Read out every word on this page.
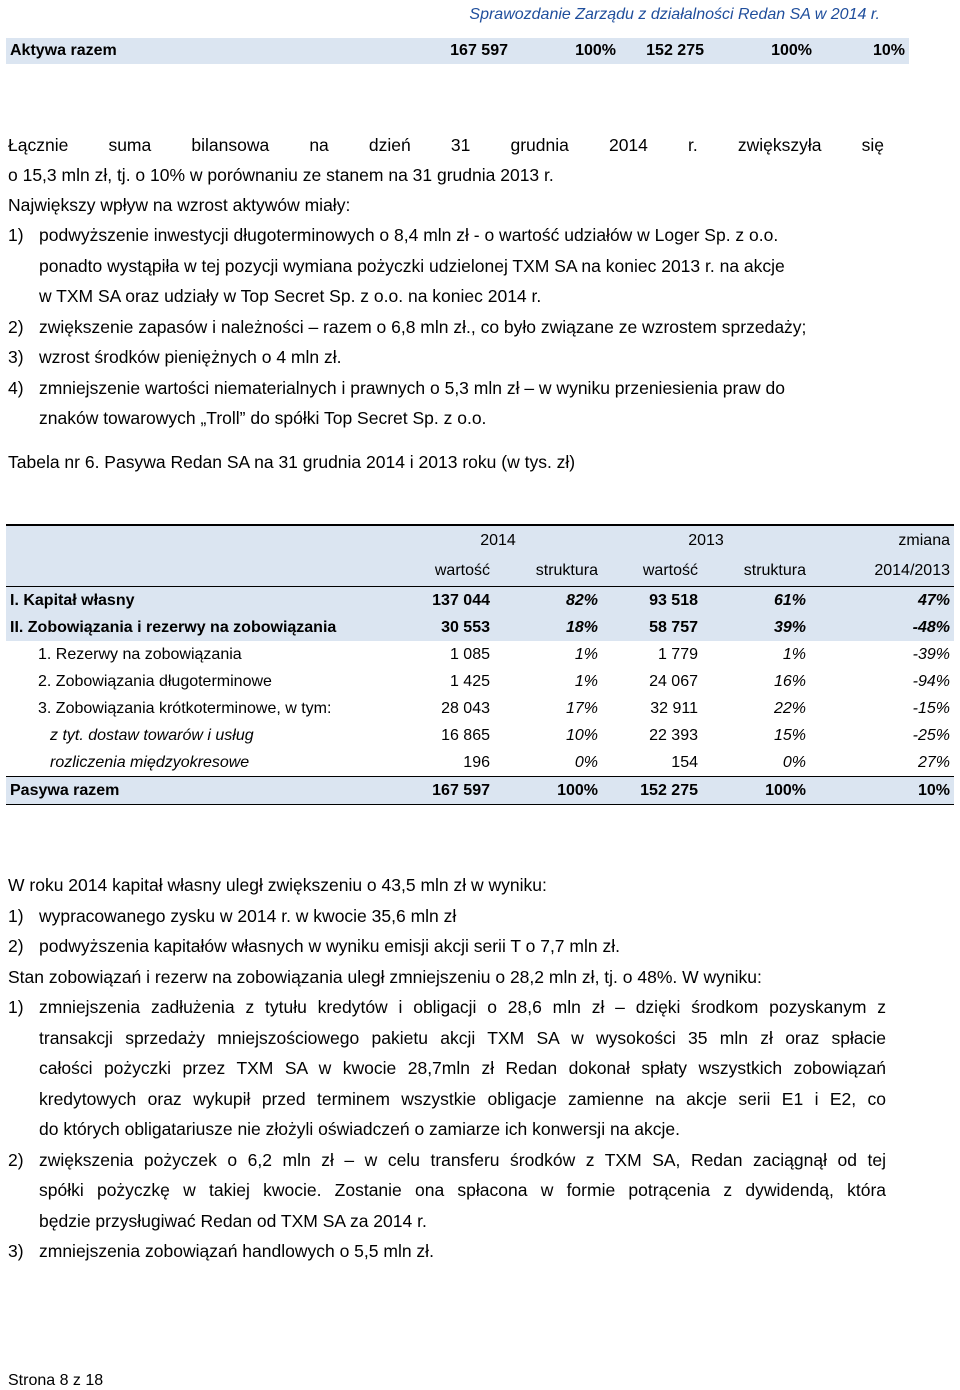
Sprawozdanie Zarządu z działalności Redan SA w 2014 r.
Aktywa razem	167 597	100%	152 275	100%	10%
Łącznie suma bilansowa na dzień 31 grudnia 2014 r. zwiększyła się
o 15,3 mln zł, tj. o 10% w porównaniu ze stanem na 31 grudnia 2013 r.
Największy wpływ na wzrost aktywów miały:
1) podwyższenie inwestycji długoterminowych o 8,4 mln zł - o wartość udziałów w Loger Sp. z o.o.
ponadto wystąpiła w tej pozycji wymiana pożyczki udzielonej TXM SA na koniec 2013 r. na akcje
w TXM SA oraz udziały w Top Secret Sp. z o.o. na koniec 2014 r.
2) zwiększenie zapasów i należności – razem o 6,8 mln zł., co było związane ze wzrostem sprzedaży;
3) wzrost środków pieniężnych o 4 mln zł.
4) zmniejszenie wartości niematerialnych i prawnych o 5,3 mln zł – w wyniku przeniesienia praw do
znaków towarowych „Troll” do spółki Top Secret Sp. z o.o.
Tabela nr 6. Pasywa Redan SA na 31 grudnia 2014 i 2013 roku (w tys. zł)
	2014		2013		zmiana
	wartość	struktura	wartość	struktura	2014/2013
I. Kapitał własny	137 044	82%	93 518	61%	47%
II. Zobowiązania i rezerwy na zobowiązania	30 553	18%	58 757	39%	-48%
1. Rezerwy na zobowiązania	1 085	1%	1 779	1%	-39%
2. Zobowiązania długoterminowe	1 425	1%	24 067	16%	-94%
3. Zobowiązania krótkoterminowe, w tym:	28 043	17%	32 911	22%	-15%
z tyt. dostaw towarów i usług	16 865	10%	22 393	15%	-25%
rozliczenia międzyokresowe	196	0%	154	0%	27%
Pasywa razem	167 597	100%	152 275	100%	10%
W roku 2014 kapitał własny uległ zwiększeniu o 43,5 mln zł w wyniku:
1) wypracowanego zysku w 2014 r. w kwocie 35,6 mln zł
2) podwyższenia kapitałów własnych w wyniku emisji akcji serii T o 7,7 mln zł.
Stan zobowiązań i rezerw na zobowiązania uległ zmniejszeniu o 28,2 mln zł, tj. o 48%. W wyniku:
1) zmniejszenia zadłużenia z tytułu kredytów i obligacji o 28,6 mln zł – dzięki środkom pozyskanym z
transakcji sprzedaży mniejszościowego pakietu akcji TXM SA w wysokości 35 mln zł oraz spłacie
całości pożyczki przez TXM SA w kwocie 28,7mln zł Redan dokonał spłaty wszystkich zobowiązań
kredytowych oraz wykupił przed terminem wszystkie obligacje zamienne na akcje serii E1 i E2, co
do których obligatariusze nie złożyli oświadczeń o zamiarze ich konwersji na akcje.
2) zwiększenia pożyczek o 6,2 mln zł – w celu transferu środków z TXM SA, Redan zaciągnął od tej
spółki pożyczkę w takiej kwocie. Zostanie ona spłacona w formie potrącenia z dywidendą, która
będzie przysługiwać Redan od TXM SA za 2014 r.
3) zmniejszenia zobowiązań handlowych o 5,5 mln zł.
Strona 8 z 18
